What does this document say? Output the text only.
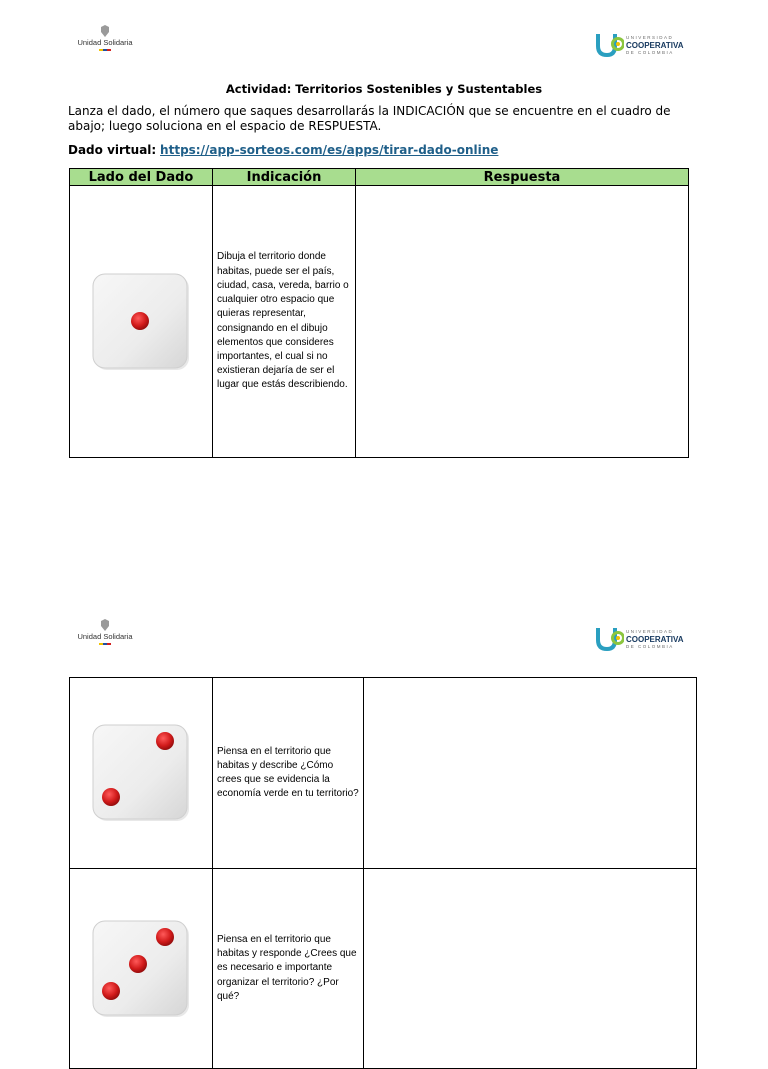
Unidad Solidaria
UNIVERSIDAD
COOPERATIVA
DE COLOMBIA
Actividad: Territorios Sostenibles y Sustentables
Lanza el dado, el número que saques desarrollarás la INDICACIÓN que se encuentre en el cuadro de abajo; luego soluciona en el espacio de RESPUESTA.
Dado virtual: https://app-sorteos.com/es/apps/tirar-dado-online
Lado del Dado	Indicación	Respuesta

	Dibuja el territorio donde habitas, puede ser el país, ciudad, casa, vereda, barrio o cualquier otro espacio que quieras representar, consignando en el dibujo elementos que consideres importantes, el cual si no existieran dejaría de ser el lugar que estás describiendo.	
Unidad Solidaria
UNIVERSIDAD
COOPERATIVA
DE COLOMBIA
	Piensa en el territorio que habitas y describe ¿Cómo crees que se evidencia la economía verde en tu territorio?	

	Piensa en el territorio que habitas y responde ¿Crees que es necesario e importante organizar el territorio? ¿Por qué?	
